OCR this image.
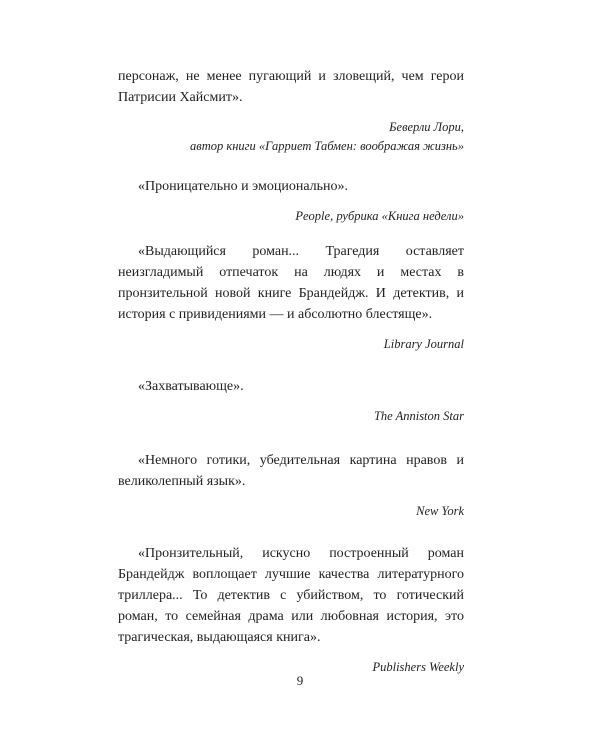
персонаж, не менее пугающий и зловещий, чем герои Патрисии Хайсмит».

Беверли Лори,

автор книги «Гарриет Табмен: воображая жизнь»

«Проницательно и эмоционально».

People, рубрика «Книга недели»

«Выдающийся роман... Трагедия оставляет неизгладимый отпечаток на людях и местах в пронзительной новой книге Брандейдж. И детектив, и история с привидениями — и абсолютно блестяще».

Library Journal

«Захватывающе».

The Anniston Star

«Немного готики, убедительная картина нравов и великолепный язык».

New York

«Пронзительный, искусно построенный роман Брандейдж воплощает лучшие качества литературного триллера... То детектив с убийством, то готический роман, то семейная драма или любовная история, это трагическая, выдающаяся книга».

Publishers Weekly

9
